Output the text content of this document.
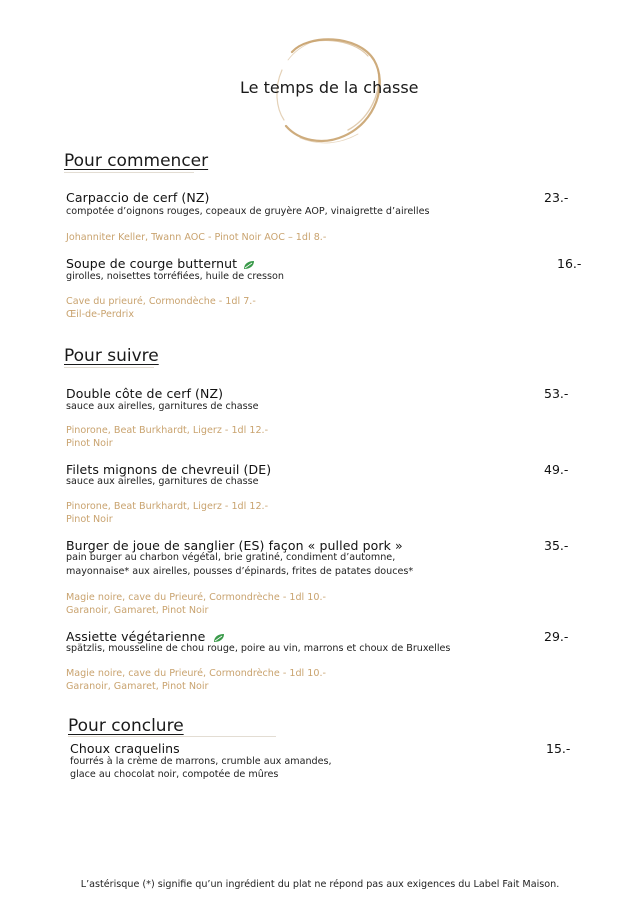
Le temps de la chasse
Pour commencer
Carpaccio de cerf (NZ)	23.-
compotée d’oignons rouges, copeaux de gruyère AOP, vinaigrette d’airelles
Johanniter Keller, Twann AOC - Pinot Noir AOC – 1dl 8.-
Soupe de courge butternut	16.-
girolles, noisettes torréfiées, huile de cresson
Cave du prieuré, Cormondèche - 1dl 7.-
Œil-de-Perdrix
Pour suivre
Double côte de cerf (NZ)	53.-
sauce aux airelles, garnitures de chasse
Pinorone, Beat Burkhardt, Ligerz - 1dl 12.-
Pinot Noir
Filets mignons de chevreuil (DE)	49.-
sauce aux airelles, garnitures de chasse
Pinorone, Beat Burkhardt, Ligerz - 1dl 12.-
Pinot Noir
Burger de joue de sanglier (ES) façon « pulled pork »	35.-
pain burger au charbon végétal, brie gratiné, condiment d’automne,
mayonnaise* aux airelles, pousses d’épinards, frites de patates douces*
Magie noire, cave du Prieuré, Cormondrèche - 1dl 10.-
Garanoir, Gamaret, Pinot Noir
Assiette végétarienne	29.-
spätzlis, mousseline de chou rouge, poire au vin, marrons et choux de Bruxelles
Magie noire, cave du Prieuré, Cormondrèche - 1dl 10.-
Garanoir, Gamaret, Pinot Noir
Pour conclure
Choux craquelins	15.-
fourrés à la crème de marrons, crumble aux amandes,
glace au chocolat noir, compotée de mûres
L’astérisque (*) signifie qu’un ingrédient du plat ne répond pas aux exigences du Label Fait Maison.
